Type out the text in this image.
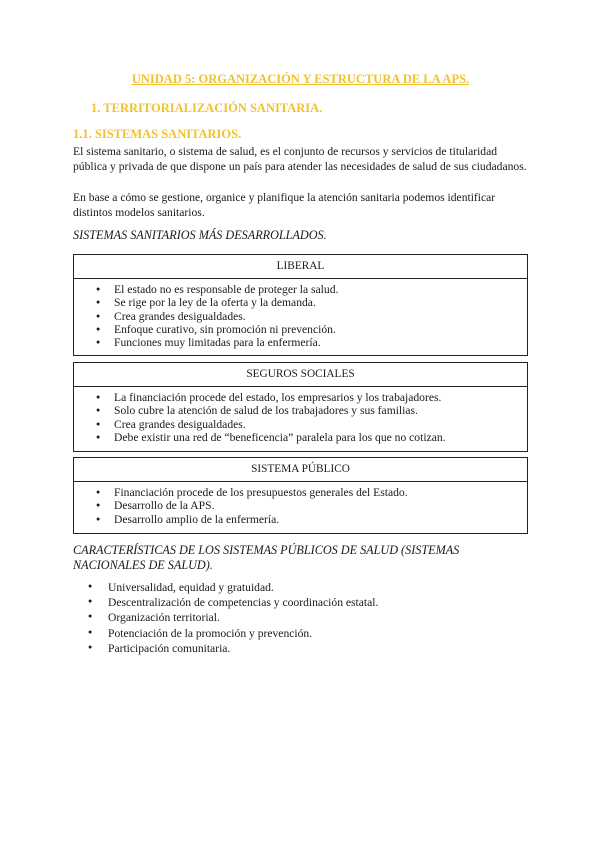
UNIDAD 5: ORGANIZACIÓN Y ESTRUCTURA DE LA APS.
1. TERRITORIALIZACIÓN SANITARIA.
1.1. SISTEMAS SANITARIOS.

El sistema sanitario, o sistema de salud, es el conjunto de recursos y servicios de titularidad pública y privada de que dispone un país para atender las necesidades de salud de sus ciudadanos.

En base a cómo se gestione, organice y planifique la atención sanitaria podemos identificar distintos modelos sanitarios.

SISTEMAS SANITARIOS MÁS DESARROLLADOS.

LIBERAL
● El estado no es responsable de proteger la salud.
● Se rige por la ley de la oferta y la demanda.
● Crea grandes desigualdades.
● Enfoque curativo, sin promoción ni prevención.
● Funciones muy limitadas para la enfermería.
SEGUROS SOCIALES
● La financiación procede del estado, los empresarios y los trabajadores.
● Solo cubre la atención de salud de los trabajadores y sus familias.
● Crea grandes desigualdades.
● Debe existir una red de “beneficencia” paralela para los que no cotizan.
SISTEMA PÚBLICO
● Financiación procede de los presupuestos generales del Estado.
● Desarrollo de la APS.
● Desarrollo amplio de la enfermería.

CARACTERÍSTICAS DE LOS SISTEMAS PÚBLICOS DE SALUD (SISTEMAS NACIONALES DE SALUD).

● Universalidad, equidad y gratuidad.
● Descentralización de competencias y coordinación estatal.
● Organización territorial.
● Potenciación de la promoción y prevención.
● Participación comunitaria.
